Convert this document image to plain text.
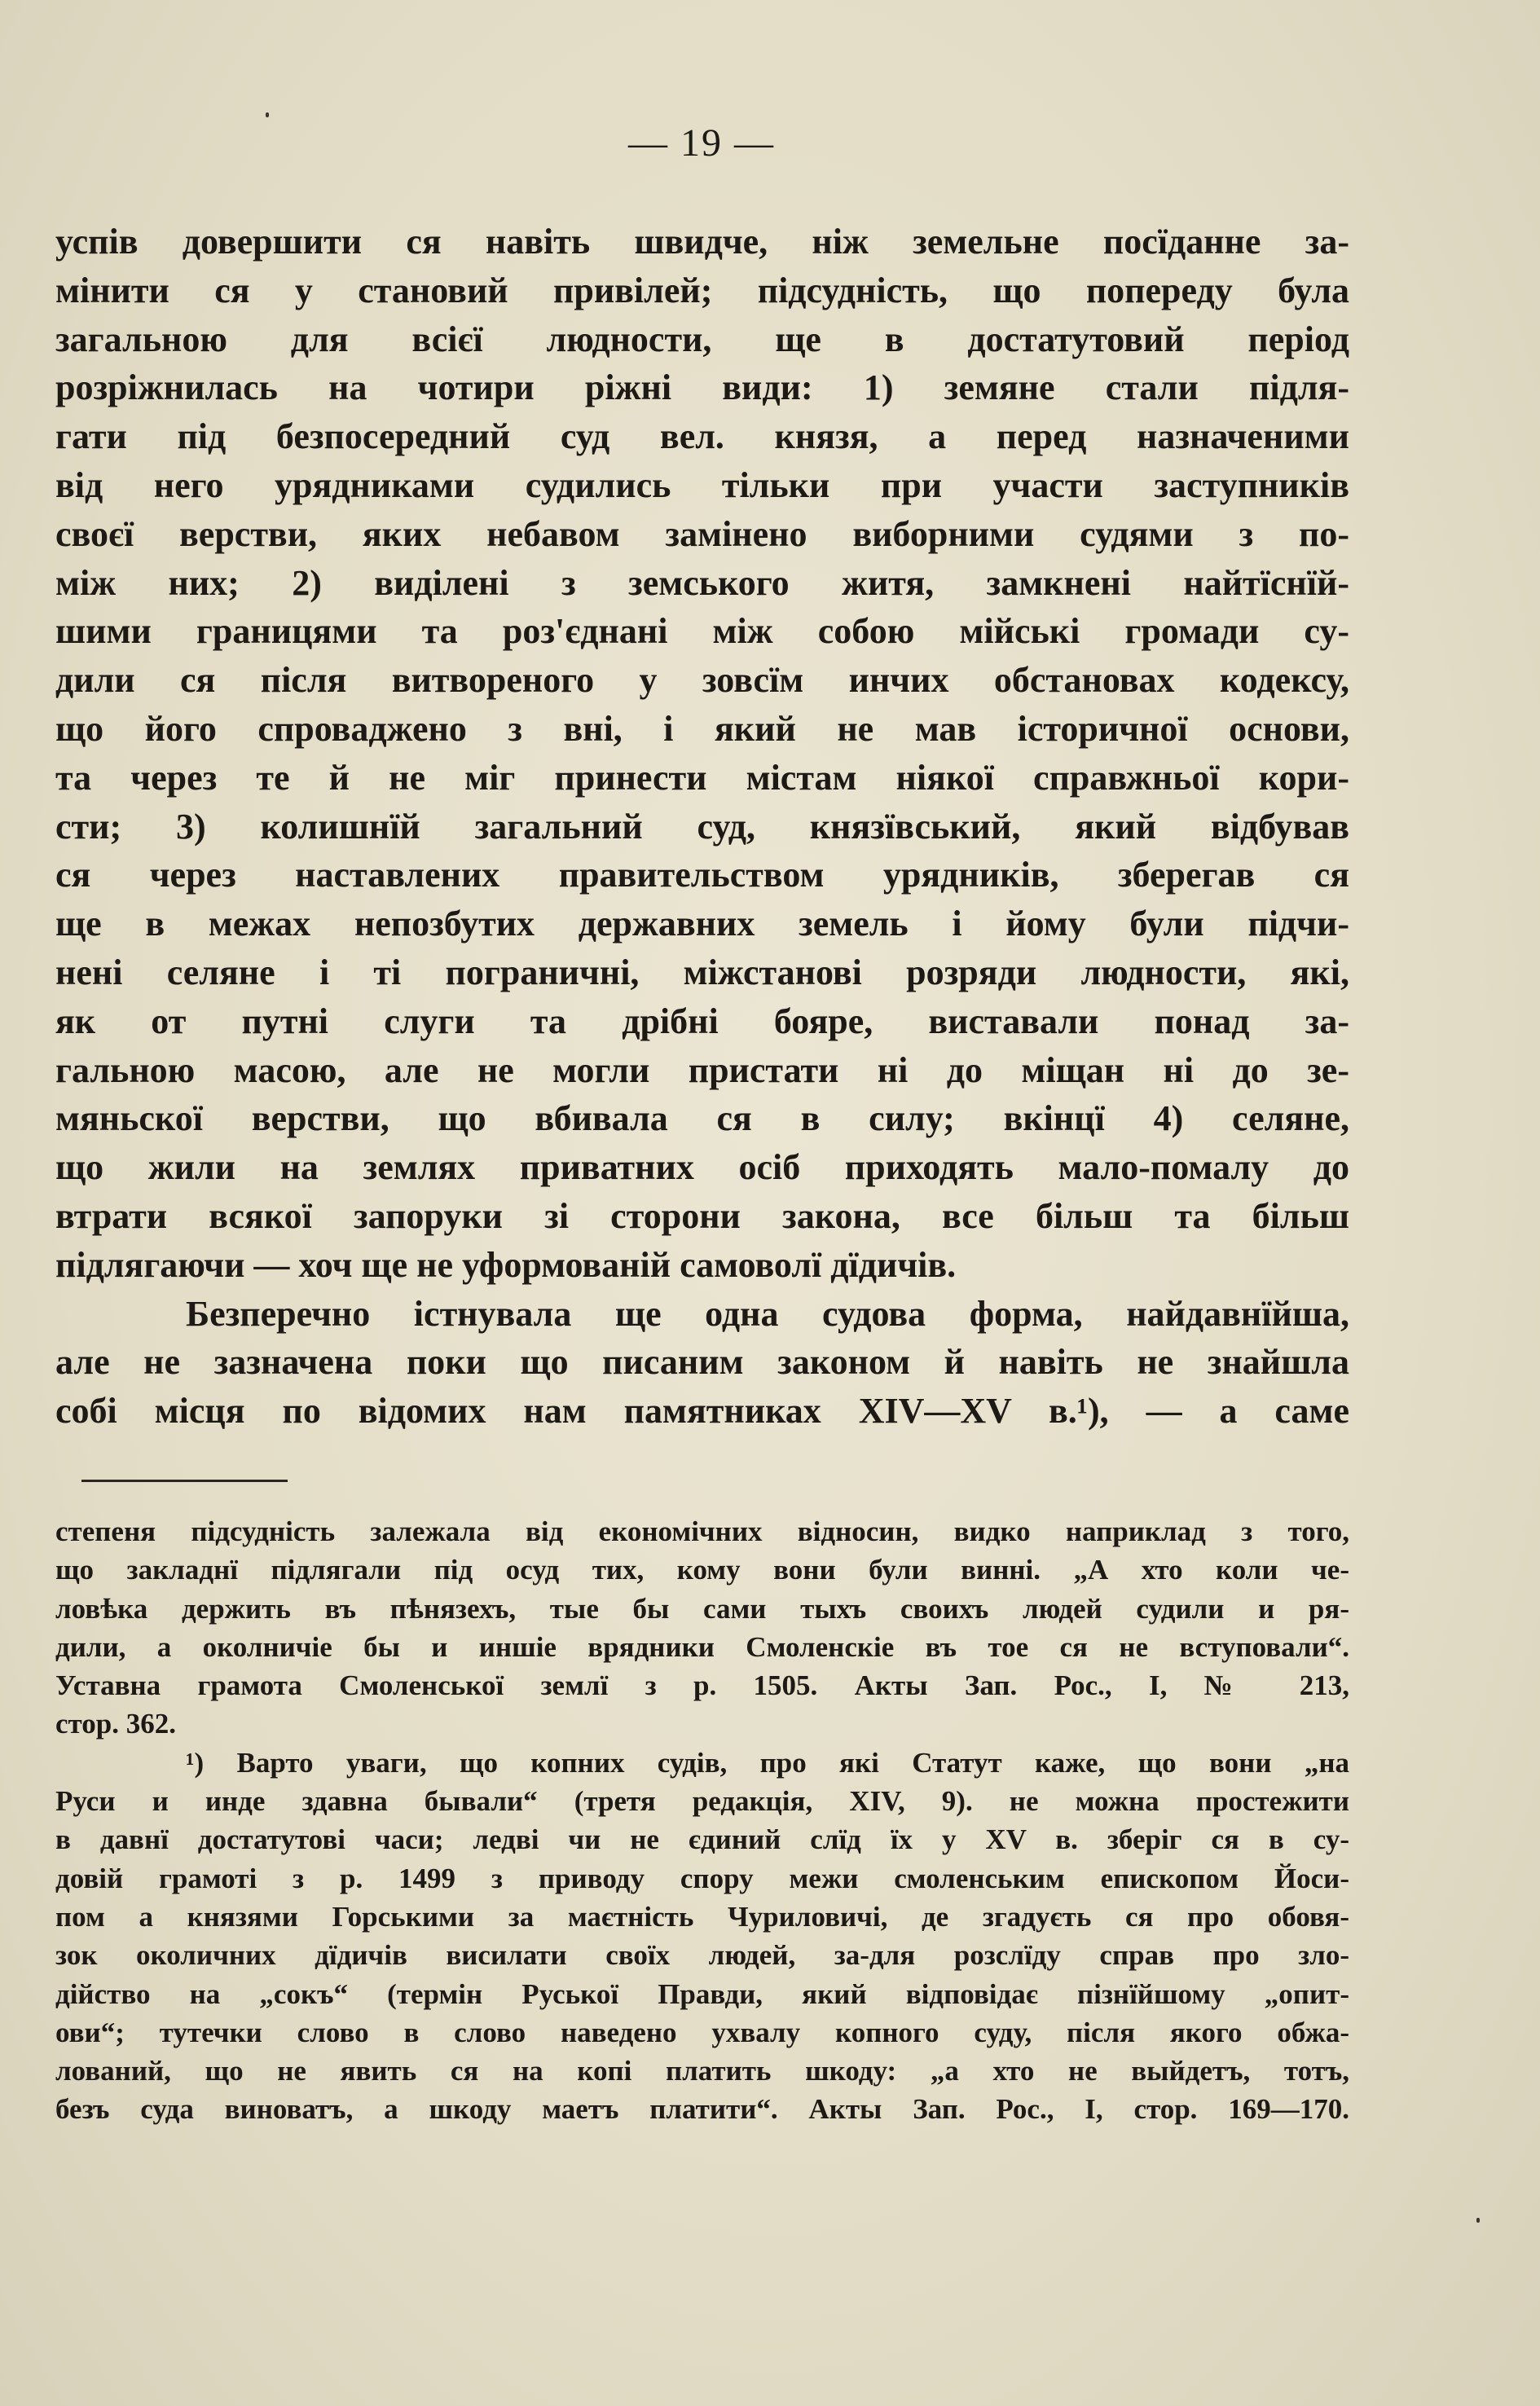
— 19 —
успів довершити ся навіть швидче, ніж земельне посїданне за-
мінити ся у становий привілей; підсудність, що попереду була
загальною для всієї людности, ще в достатутовий період
розріжнилась на чотири ріжні види: 1) земяне стали підля-
гати під безпосередний суд вел. князя, а перед назначеними
від него урядниками судились тільки при участи заступників
своєї верстви, яких небавом замінено виборними судями з по-
між них; 2) виділені з земського житя, замкнені найтїснїй-
шими границями та роз'єднані між собою мійські громади су-
дили ся після витвореного у зовсїм инчих обстановах кодексу,
що його спроваджено з вні, і який не мав історичної основи,
та через те й не міг принести містам ніякої справжньої кори-
сти; 3) колишнїй загальний суд, князївський, який відбував
ся через наставлених правительством урядників, зберегав ся
ще в межах непозбутих державних земель і йому були підчи-
нені селяне і ті пограничні, міжстанові розряди людности, які,
як от путні слуги та дрібні бояре, виставали понад за-
гальною масою, але не могли пристати ні до міщан ні до зе-
мяньскої верстви, що вбивала ся в силу; вкінцї 4) селяне,
що жили на землях приватних осіб приходять мало-помалу до
втрати всякої запоруки зі сторони закона, все більш та більш
підлягаючи — хоч ще не уформованій самоволї дїдичів.
Безперечно істнувала ще одна судова форма, найдавнїйша,
але не зазначена поки що писаним законом й навіть не знайшла
собі місця по відомих нам памятниках XIV—XV в.¹), — а саме
степеня підсудність залежала від економічних відносин, видко наприклад з того,
що закладнї підлягали під осуд тих, кому вони були винні. „А хто коли че-
ловѣка держить въ пѣнязехъ, тые бы сами тыхъ своихъ людей судили и ря-
дили, а околничіе бы и иншіе врядники Смоленскіе въ тое ся не вступовали“.
Уставна грамота Смоленської землї з р. 1505. Акты Зап. Рос., I, № 213,
стор. 362.
¹) Варто уваги, що копних судів, про які Статут каже, що вони „на
Руси и инде здавна бывали“ (третя редакція, XIV, 9). не можна простежити
в давнї достатутові часи; ледві чи не єдиний слїд їх у XV в. зберіг ся в су-
довій грамоті з р. 1499 з приводу спору межи смоленським епископом Йоси-
пом а князями Горськими за маєтність Чуриловичі, де згадуєть ся про обовя-
зок околичних дїдичів висилати своїх людей, за-для розслїду справ про зло-
дійство на „сокъ“ (термін Руської Правди, який відповідає пізнїйшому „опит-
ови“; тутечки слово в слово наведено ухвалу копного суду, після якого обжа-
лований, що не явить ся на копі платить шкоду: „а хто не выйдетъ, тотъ,
безъ суда виноватъ, а шкоду маетъ платити“. Акты Зап. Рос., I, стор. 169—170.
